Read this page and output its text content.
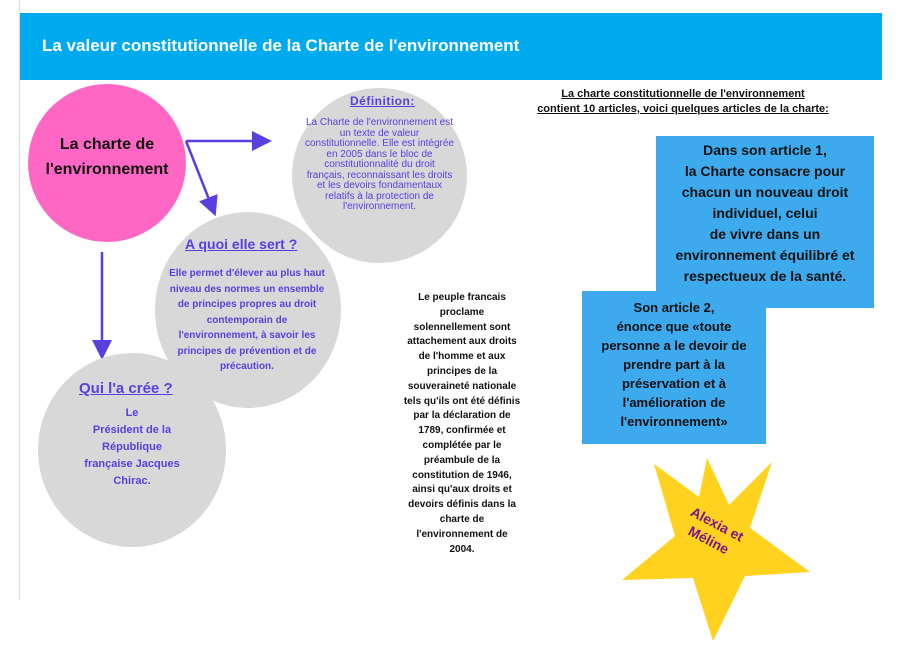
La valeur constitutionnelle de la Charte de l'environnement
La charte de
l'environnement
Définition:
La Charte de l'environnement est un texte de valeur constitutionnelle. Elle est intégrée en 2005 dans le bloc de constitutionnalité du droit français, reconnaissant les droits et les devoirs fondamentaux relatifs à la protection de l'environnement.
A quoi elle sert ?
Elle permet d'élever au plus haut niveau des normes un ensemble de principes propres au droit contemporain de l'environnement, à savoir les principes de prévention et de précaution.
Qui l'a crée ?
Le
Président de la
République
française Jacques
Chirac.
La charte constitutionnelle de l'environnement
contient 10 articles, voici quelques articles de la charte:
Dans son article 1,
la Charte consacre pour
chacun un nouveau droit
individuel, celui
de vivre dans un
environnement équilibré et
respectueux de la santé.
Son article 2,
énonce que «toute
personne a le devoir de
prendre part à la
préservation et à
l'amélioration de
l'environnement»
Le peuple francais
proclame
solennellement sont
attachement aux droits
de l'homme et aux
principes de la
souveraineté nationale
tels qu'ils ont été définis
par la déclaration de
1789, confirmée et
complétée par le
préambule de la
constitution de 1946,
ainsi qu'aux droits et
devoirs définis dans la
charte de
l'environnement de
2004.
Alexia et
Méline
